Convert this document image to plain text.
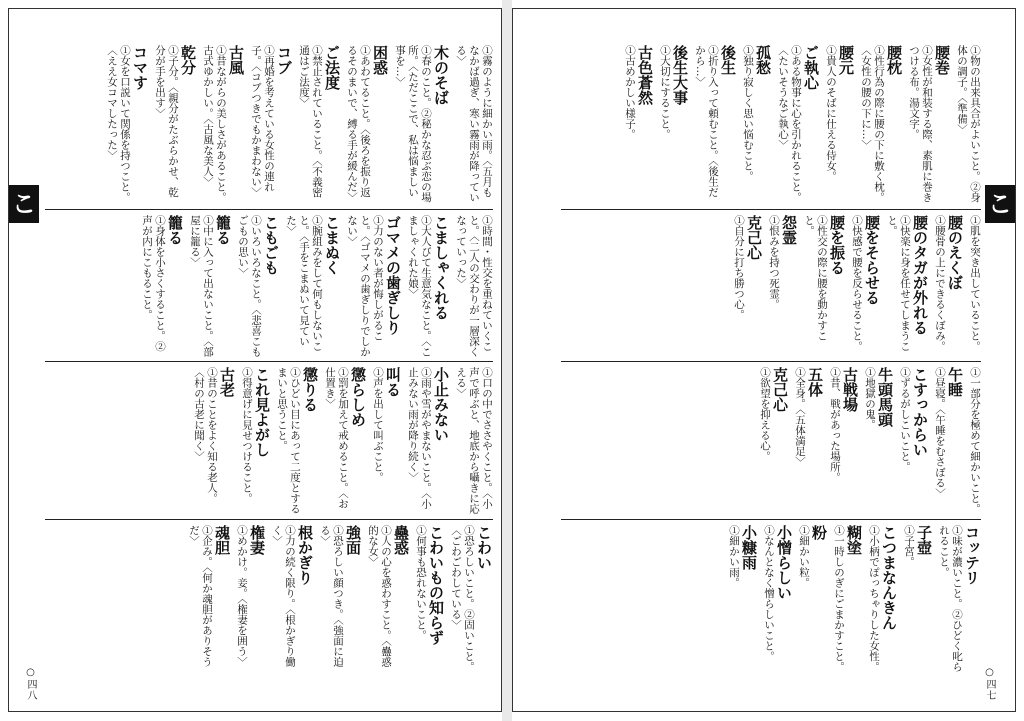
こ
①霧のように細かい雨。〈五月もなかば過ぎ、寒い霧雨が降っている〉
木のそば
①春のこと。②秘かな忍ぶ恋の場所。〈ただここで、私は悩ましい事を…〉
困惑
①あわてること。〈後ろを振り返るそのまいで、縛る手が緩んだ〉
ご法度
①禁止されていること。〈不義密通はご法度〉
コブ
①再婚を考えている女性の連れ子。〈コブつきでもかまわない〉
古風
①昔ながらの美しさがあること。古式ゆかしい。〈古風な美人〉
乾分
①子分。〈親分がたぶらかせ、乾分が手を出す〉
コマす
①女を口説いて関係を持つこと。〈ええ女コマしたった〉
①時間・性交を重ねていくこと。〈二人の交わりが一層深くなっていった〉
こましゃくれる
①大人びて生意気なこと。〈こましゃくれた娘〉
ゴマメの歯ぎしり
①力のない者が悔しがること。〈ゴマメの歯ぎしりでしかない〉
こまぬく
①腕組みをして何もしないこと。〈手をこまぬいて見ていた〉
こもごも
①いろいろなこと。〈悲喜こもごもの思い〉
籠る
①中に入って出ないこと。〈部屋に籠る〉
籠る
①身体を小さくすること。②声が内にこもること。
①口の中でささやくこと。〈小声で呼ぶと、地底から囁きに応える〉
小止みない
①雨や雪がやまないこと。〈小止みない雨が降り続く〉
叫る
①声を出して叫ぶこと。
懲らしめ
①罰を加えて戒めること。〈お仕置き〉
懲りる
①ひどい目にあって二度とするまいと思うこと。
これ見よがし
①得意げに見せつけること。
古老
①昔のことをよく知る老人。〈村の古老に聞く〉
こわい
①恐ろしいこと。②固いこと。〈ごわごわしている〉
こわいもの知らず
①何事も恐れないこと。
蠱惑
①人の心を惑わすこと。〈蠱惑的な女〉
強面
①恐ろしい顔つき。〈強面に迫る〉
根かぎり
①力の続く限り。〈根かぎり働く〉
権妻
①めかけ。妾。〈権妻を囲う〉
魂胆
①企み。〈何か魂胆がありそうだ〉
○四八
こ
①物の出来具合がよいこと。②身体の調子。〈準備〉
腰巻
①女性が和装する際、素肌に巻きつける布。湯文字。
腰枕
①性行為の際に腰の下に敷く枕。〈女性の腰の下に…〉
腰元
①貴人のそばに仕える侍女。
ご執心
①ある物事に心を引かれること。〈たいそうなご執心〉
孤愁
①独り寂しく思い悩むこと。
後生
①折り入って頼むこと。〈後生だから…〉
後生大事
①大切にすること。
古色蒼然
①古めかしい様子。
①肌を突き出していること。
腰のえくぼ
①腰骨の上にできるくぼみ。
腰のタガが外れる
①快楽に身を任せてしまうこと。
腰をそらせる
①快感で腰を反らせること。
腰を振る
①性交の際に腰を動かすこと。
怨霊
①恨みを持つ死霊。
克己心
①自分に打ち勝つ心。
①一部分を極めて細かいこと。
午睡
①昼寝。〈午睡をむさぼる〉
こすっからい
①ずるがしこいこと。
牛頭馬頭
①地獄の鬼。
古戦場
①昔、戦があった場所。
五体
①全身。〈五体満足〉
克己心
①欲望を抑える心。
コッテリ
①味が濃いこと。②ひどく叱られること。
子壺
①子宮。
こつまなんきん
①小柄でぽっちゃりした女性。
糊塗
①一時しのぎにごまかすこと。
粉
①細かい粒。
小憎らしい
①なんとなく憎らしいこと。
小糠雨
①細かい雨。
○四七
